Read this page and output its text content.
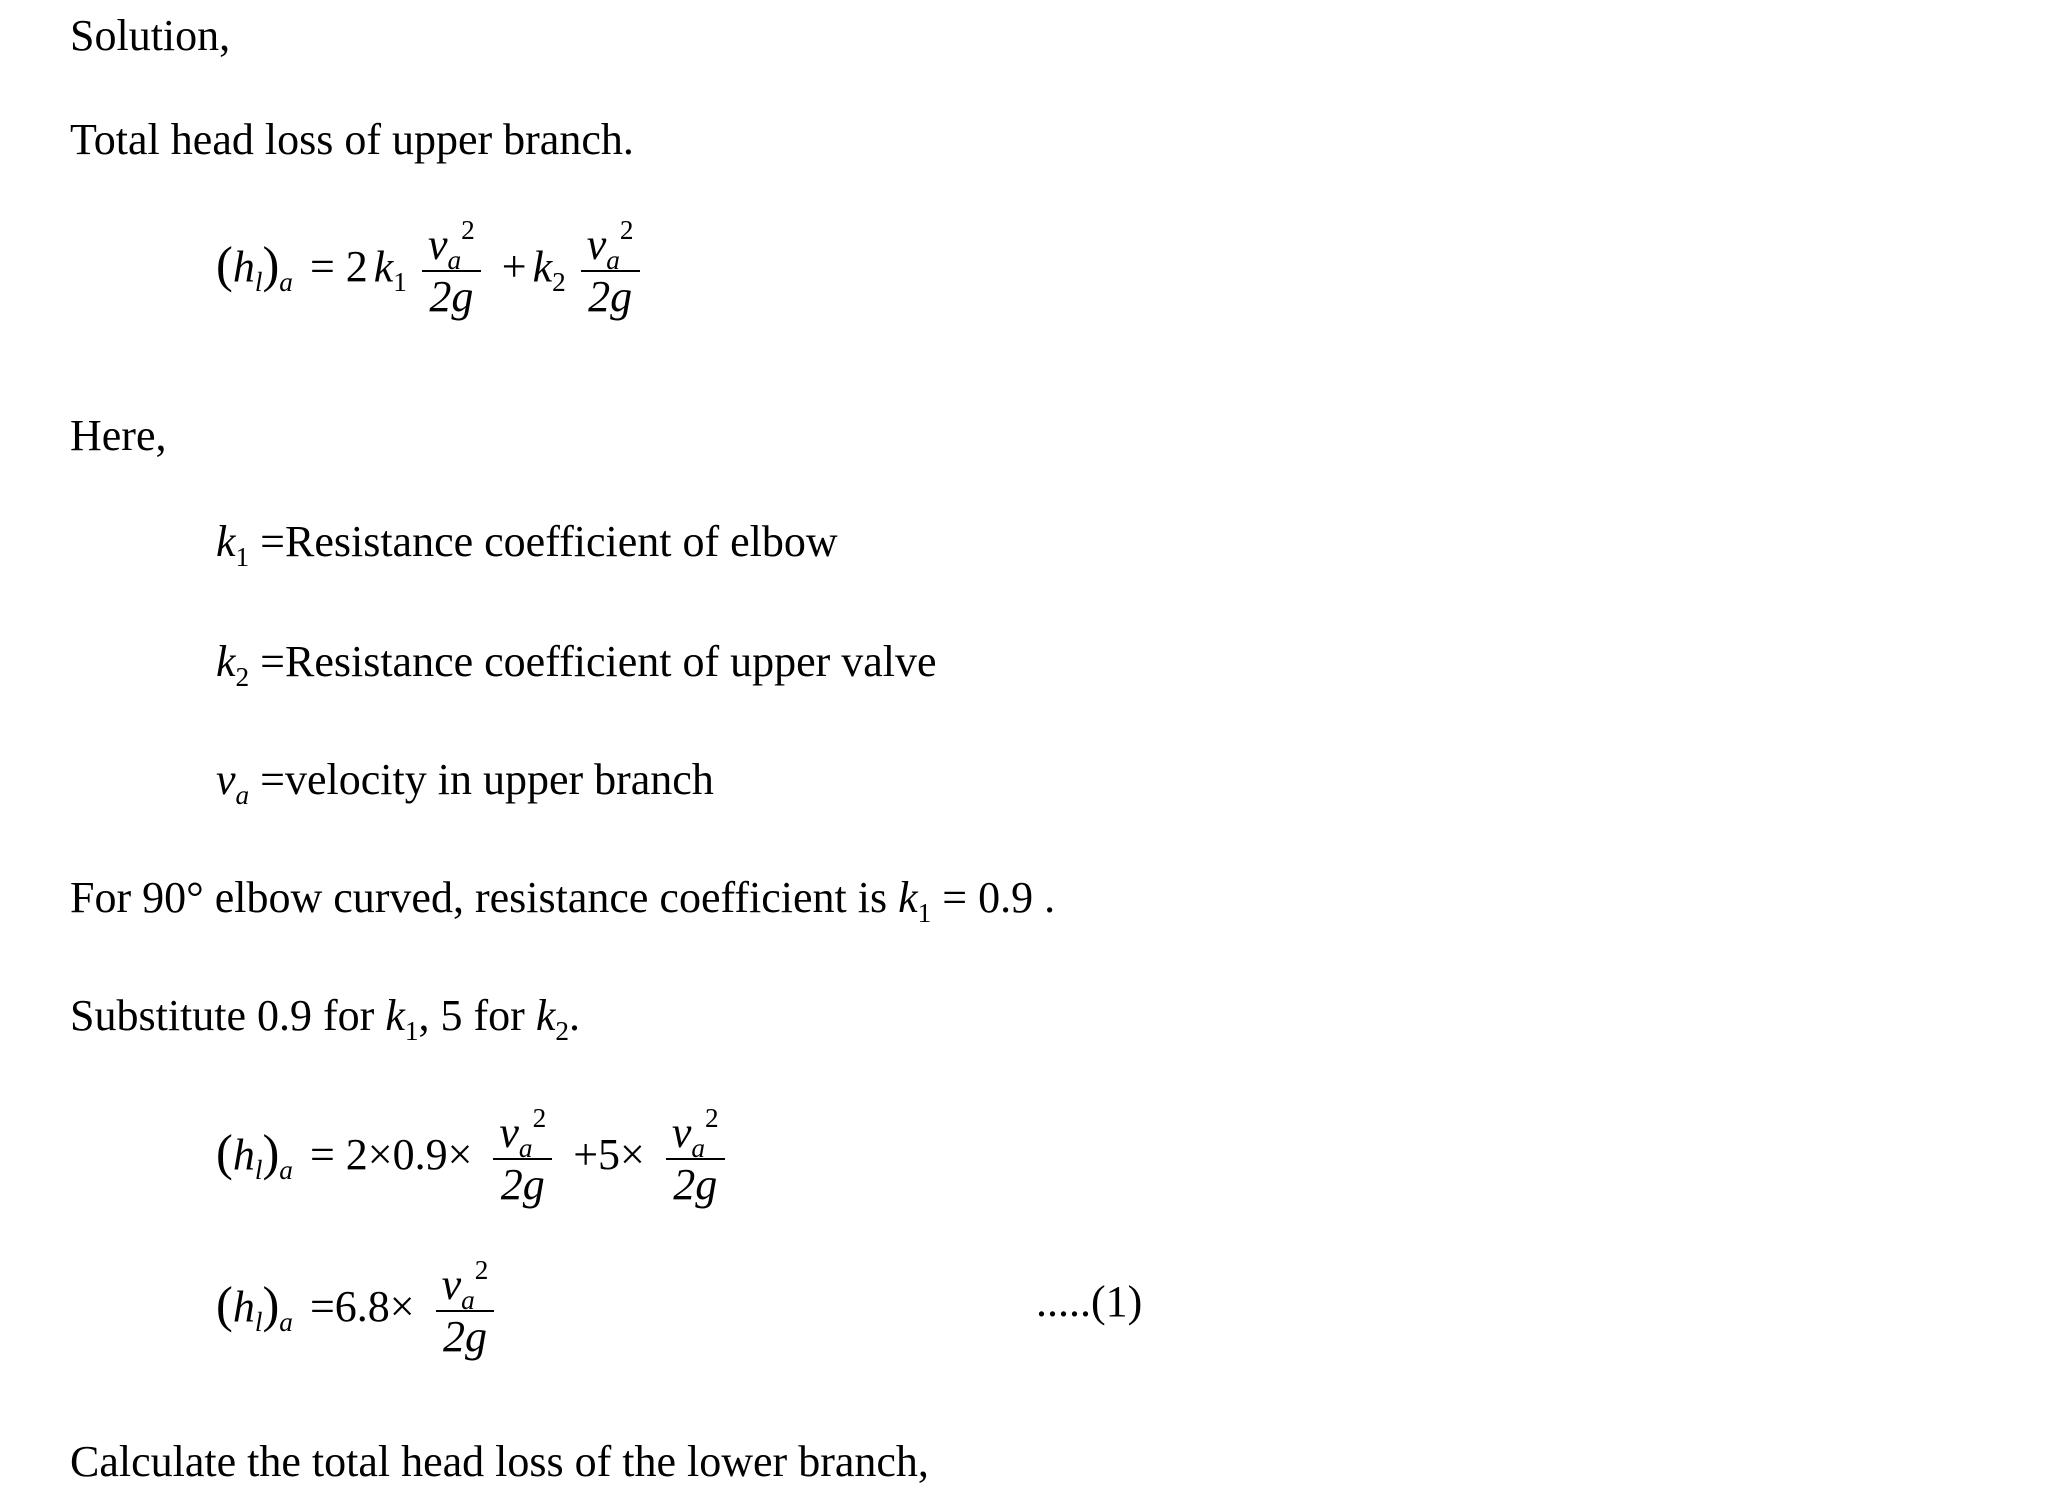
Solution,
Total head loss of upper branch.
$(h_l)_a = 2$ $k_1 \frac{v_a^2}{2g} + k_2 \frac{v_a^2}{2g}$
Here,
$k_1$ =Resistance coefficient of elbow
$k_2$ =Resistance coefficient of upper valve
$v_a$ =velocity in upper branch
For 90° elbow curved, resistance coefficient is $k_1 = 0.9$ .
Substitute 0.9 for $k_1$, 5 for $k_2$.
$(h_l)_a = 2\times 0.9\times \frac{v_a^2}{2g} +5\times \frac{v_a^2}{2g}$
$(h_l)_a =6.8\times \frac{v_a^2}{2g}$	.....(1)
Calculate the total head loss of the lower branch,
